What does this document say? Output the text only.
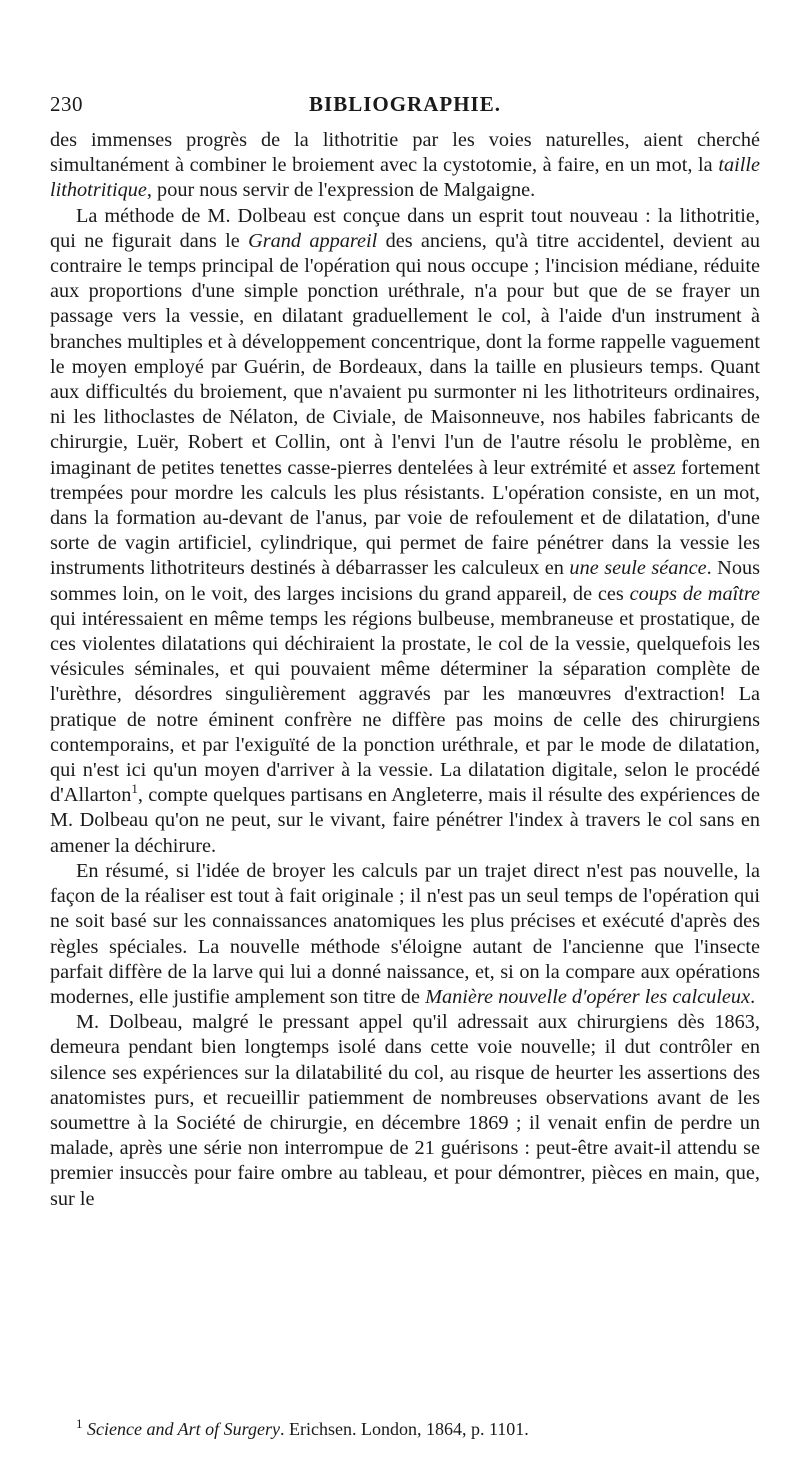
230	BIBLIOGRAPHIE.

des immenses progrès de la lithotritie par les voies naturelles, aient cherché simultanément à combiner le broiement avec la cystotomie, à faire, en un mot, la taille lithotritique, pour nous servir de l'expression de Malgaigne.

La méthode de M. Dolbeau est conçue dans un esprit tout nouveau : la lithotritie, qui ne figurait dans le Grand appareil des anciens, qu'à titre accidentel, devient au contraire le temps principal de l'opération qui nous occupe ; l'incision médiane, réduite aux proportions d'une simple ponction uréthrale, n'a pour but que de se frayer un passage vers la vessie, en dilatant graduellement le col, à l'aide d'un instrument à branches multiples et à développement concentrique, dont la forme rappelle vaguement le moyen employé par Guérin, de Bordeaux, dans la taille en plusieurs temps. Quant aux difficultés du broiement, que n'avaient pu surmonter ni les lithotriteurs ordinaires, ni les lithoclastes de Nélaton, de Civiale, de Maisonneuve, nos habiles fabricants de chirurgie, Luër, Robert et Collin, ont à l'envi l'un de l'autre résolu le problème, en imaginant de petites tenettes casse-pierres dentelées à leur extrémité et assez fortement trempées pour mordre les calculs les plus résistants. L'opération consiste, en un mot, dans la formation au-devant de l'anus, par voie de refoulement et de dilatation, d'une sorte de vagin artificiel, cylindrique, qui permet de faire pénétrer dans la vessie les instruments lithotriteurs destinés à débarrasser les calculeux en une seule séance. Nous sommes loin, on le voit, des larges incisions du grand appareil, de ces coups de maître qui intéressaient en même temps les régions bulbeuse, membraneuse et prostatique, de ces violentes dilatations qui déchiraient la prostate, le col de la vessie, quelquefois les vésicules séminales, et qui pouvaient même déterminer la séparation complète de l'urèthre, désordres singulièrement aggravés par les manœuvres d'extraction! La pratique de notre éminent confrère ne diffère pas moins de celle des chirurgiens contemporains, et par l'exiguïté de la ponction uréthrale, et par le mode de dilatation, qui n'est ici qu'un moyen d'arriver à la vessie. La dilatation digitale, selon le procédé d'Allarton$^1$, compte quelques partisans en Angleterre, mais il résulte des expériences de M. Dolbeau qu'on ne peut, sur le vivant, faire pénétrer l'index à travers le col sans en amener la déchirure.

En résumé, si l'idée de broyer les calculs par un trajet direct n'est pas nouvelle, la façon de la réaliser est tout à fait originale ; il n'est pas un seul temps de l'opération qui ne soit basé sur les connaissances anatomiques les plus précises et exécuté d'après des règles spéciales. La nouvelle méthode s'éloigne autant de l'ancienne que l'insecte parfait diffère de la larve qui lui a donné naissance, et, si on la compare aux opérations modernes, elle justifie amplement son titre de Manière nouvelle d'opérer les calculeux.

M. Dolbeau, malgré le pressant appel qu'il adressait aux chirurgiens dès 1863, demeura pendant bien longtemps isolé dans cette voie nouvelle; il dut contrôler en silence ses expériences sur la dilatabilité du col, au risque de heurter les assertions des anatomistes purs, et recueillir patiemment de nombreuses observations avant de les soumettre à la Société de chirurgie, en décembre 1869 ; il venait enfin de perdre un malade, après une série non interrompue de 21 guérisons : peut-être avait-il attendu se premier insuccès pour faire ombre au tableau, et pour démontrer, pièces en main, que, sur le

$^1$ Science and Art of Surgery. Erichsen. London, 1864, p. 1101.
